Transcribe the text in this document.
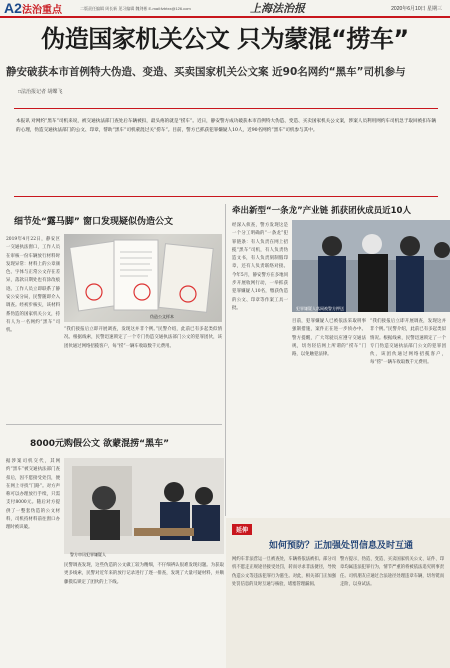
A2 法治重点	二版责任编辑 周长新 见习编辑 魏剑彬 E-mail:fzbtxx@126.com	上海法治报	2020年6月10日 星期三
伪造国家机关公文 只为蒙混“捞车”
静安破获本市首例特大伪造、变造、买卖国家机关公文案 近90名网约“黑车”司机参与
□法治报记者 胡蝶飞
本报讯 对网约“黑车”司机来说，被交通执法部门查处后车辆被扣，最头疼的就是“捞车”。近日，静安警方成功破获本市首例特大伪造、变造、买卖国家机关公文案，涉案人员利用网约车司机急于取回被扣车辆的心理，伪造交通执法部门的公文、印章，帮助“黑车”司机蒙混过关“捞车”。目前，警方已抓获犯罪嫌疑人10人，近90名网约“黑车”司机参与其中。
细节处“露马脚” 窗口发现疑似伪造公文
2019年4月22日，静安区一交通执法窗口，工作人员在审核一份车辆放行材料时发现异常：材料上的公章颜色、字体与正常公文存在差异，落款日期处也有涂改痕迹。工作人员立即联系了静安公安分局，民警随即介入调查。经初步核实，该材料系伪造的国家机关公文，持有人为一名网约“黑车”司机。
伪造公文样本
“我们接报后立即开展调查，发现这并非个例。”民警介绍，此前已有多起类似情况。根据线索，民警迅速锁定了一个专门伪造交通执法部门公文的犯罪团伙，该团伙通过网络招揽客户，每“捞”一辆车收取数千元费用。
8000元购假公文 欲蒙混捞“黑车”
据涉案司机交代，其网约“黑车”被交通执法部门查扣后，因不愿接受处罚，便在网上寻找“门路”。对方声称可以办理放行手续，只需支付8000元。随后对方提供了一整套伪造的公文材料，司机持材料前往窗口办理时被识破。
警方审讯犯罪嫌疑人
民警调查发现，这些伪造的公文做工较为精细，不仔细辨认很难发现问题。为获取更多线索，民警对近年来的放行记录进行了逐一排查，发现了大量可疑材料，并顺藤摸瓜锁定了团伙的上下线。
牵出新型“一条龙”产业链 抓获团伙成员近10人
犯罪嫌疑人落网被警方押送
经深入侦查，警方发现这是一个分工明确的“一条龙”犯罪链条：有人负责在网上招揽“黑车”司机，有人负责伪造文书，有人负责刻制假印章，还有人负责联络对接。今年5月，静安警方在多地同步开展收网行动，一举抓获犯罪嫌疑人10名，缴获伪造的公文、印章等作案工具一批。
目前，犯罪嫌疑人已被依法采取刑事强制措施，案件正在进一步侦办中。警方提醒，广大驾驶员应遵守交通法规，切勿轻信网上所谓的“捞车”门路，以免触犯法律。
“我们接报后立即开展调查，发现这并非个例。”民警介绍，此前已有多起类似情况。根据线索，民警迅速锁定了一个专门伪造交通执法部门公文的犯罪团伙，该团伙通过网络招揽客户，每“捞”一辆车收取数千元费用。
延伸
如何预防？正加强处罚信息及时互通
网约车非法营运一旦被查处，车辆将依法被扣。部分司机不愿走正规途径接受处罚，转而寻求非法捷径，导致伪造公文等违法犯罪行为滋生。对此，相关部门正加强处罚信息的及时互通与核验，堵塞管理漏洞。
警方提示，伪造、变造、买卖国家机关公文、证件、印章均属违法犯罪行为，情节严重的将被依法追究刑事责任。司机朋友应通过合法途径处理违章车辆，切勿铤而走险，以身试法。
